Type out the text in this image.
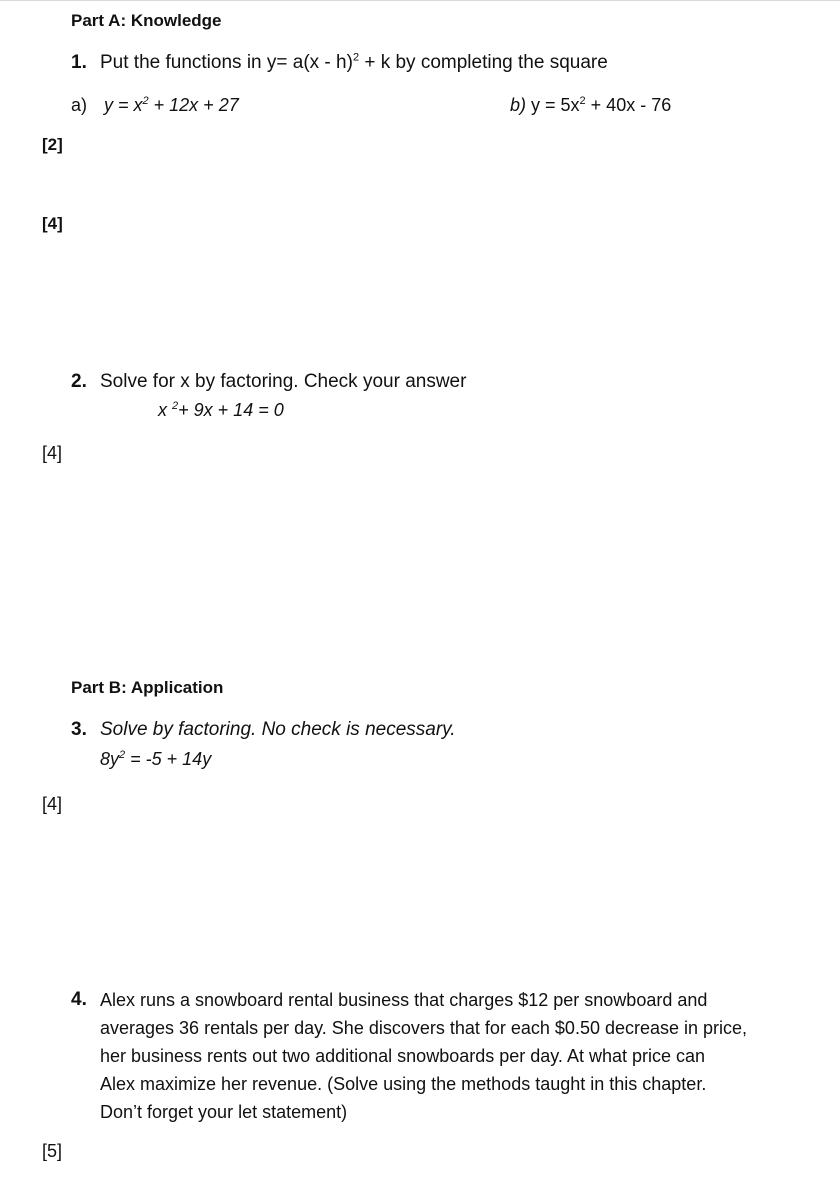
Part A: Knowledge
1. Put the functions in y= a(x - h)$^2$ + k by completing the square
a) $y = x^2 + 12x + 27$	b) $y = 5x^2 + 40x - 76$
[2]
[4]
2. Solve for x by factoring. Check your answer
x $^2$+ 9x + 14 = 0
[4]
Part B: Application
3. Solve by factoring. No check is necessary.
$8y^2 = -5 + 14y$
[4]
4. Alex runs a snowboard rental business that charges $12 per snowboard and
averages 36 rentals per day. She discovers that for each $0.50 decrease in price,
her business rents out two additional snowboards per day. At what price can
Alex maximize her revenue. (Solve using the methods taught in this chapter.
Don’t forget your let statement)
[5]
